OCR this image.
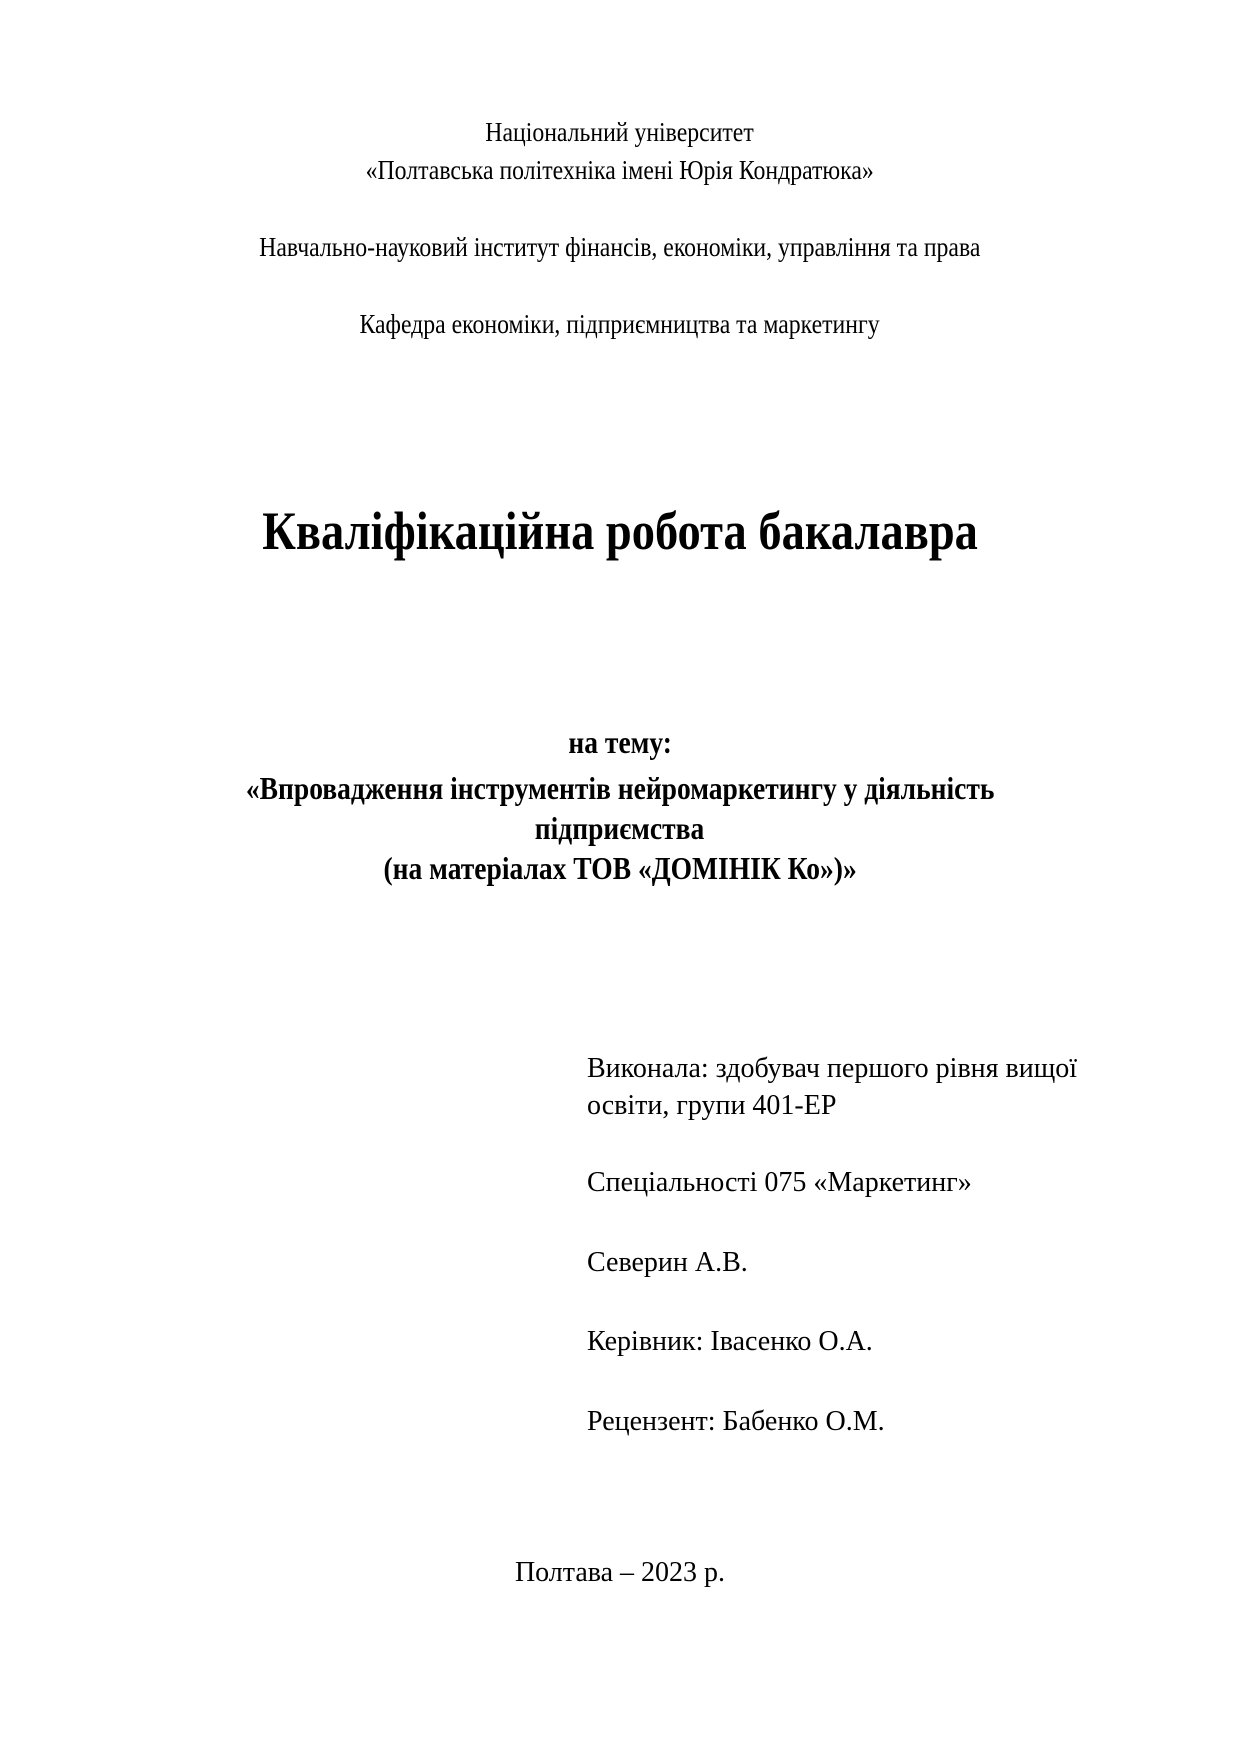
Національний університет
«Полтавська політехніка імені Юрія Кондратюка»
Навчально-науковий інститут фінансів, економіки, управління та права
Кафедра економіки, підприємництва та маркетингу
Кваліфікаційна робота бакалавра
на тему:
«Впровадження інструментів нейромаркетингу у діяльність
підприємства
(на матеріалах ТОВ «ДОМІНІК Ко»)»
Виконала: здобувач першого рівня вищої
освіти, групи 401-ЕР
Спеціальності 075 «Маркетинг»
Северин А.В.
Керівник: Івасенко О.А.
Рецензент: Бабенко О.М.
Полтава – 2023 р.
